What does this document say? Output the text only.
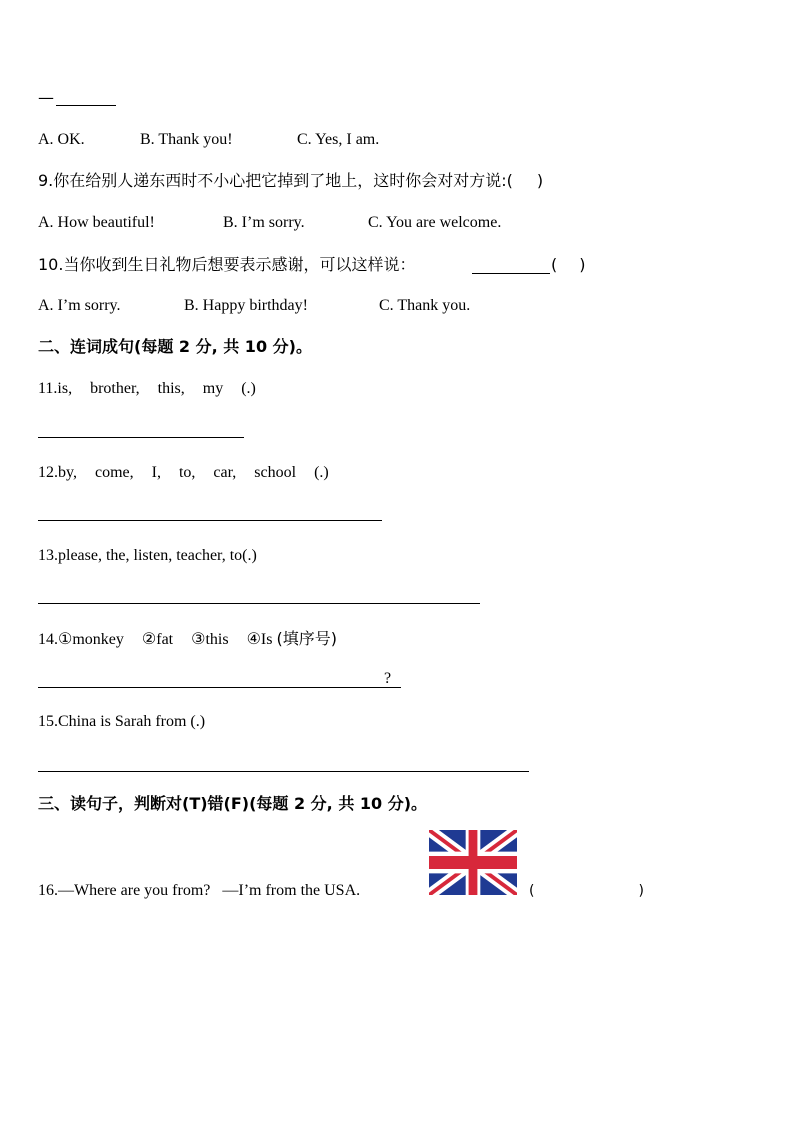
—
A. OK.	B. Thank you!	C. Yes, I am.
9.你在给别人递东西时不小心把它掉到了地上，这时你会对对方说:( )
A. How beautiful!	B. I’m sorry.	C. You are welcome.
10.当你收到生日礼物后想要表示感谢，可以这样说：	( )
A. I’m sorry.	B. Happy birthday!	C. Thank you.
二、连词成句(每题 2 分, 共 10 分)。
11.is, brother, this, my (.)
12.by, come, I, to, car, school (.)
13.please, the, listen, teacher, to(.)
14.①monkey ②fat ③this ④Is (填序号)
?
15.China is Sarah from (.)
三、读句子，判断对(T)错(F)(每题 2 分, 共 10 分)。
16.—Where are you from?   —I’m from the USA.	(	)
